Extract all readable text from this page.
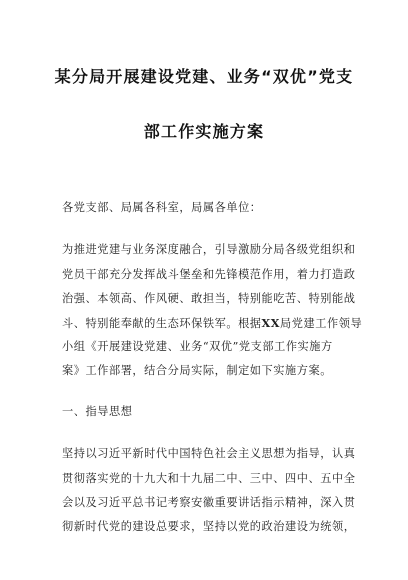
某分局开展建设党建、业务“双优”党支
部工作实施方案
各党支部、局属各科室，局属各单位：
为推进党建与业务深度融合，引导激励分局各级党组织和
党员干部充分发挥战斗堡垒和先锋模范作用，着力打造政
治强、本领高、作风硬、敢担当，特别能吃苦、特别能战
斗、特别能奉献的生态环保铁军。根据XX局党建工作领导
小组《开展建设党建、业务“双优”党支部工作实施方
案》工作部署，结合分局实际，制定如下实施方案。
一、指导思想
坚持以习近平新时代中国特色社会主义思想为指导，认真
贯彻落实党的十九大和十九届二中、三中、四中、五中全
会以及习近平总书记考察安徽重要讲话指示精神，深入贯
彻新时代党的建设总要求，坚持以党的政治建设为统领，
